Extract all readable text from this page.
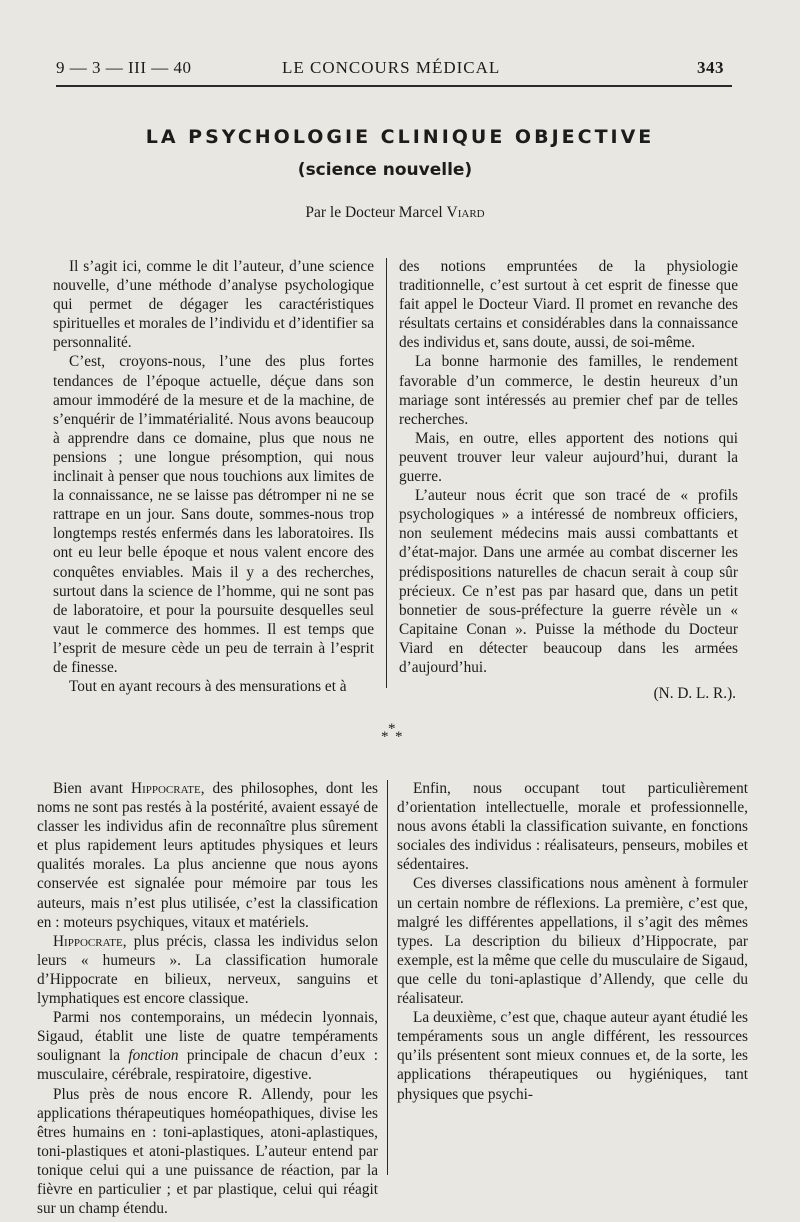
9 — 3 — III — 40	LE CONCOURS MÉDICAL	343
LA PSYCHOLOGIE CLINIQUE OBJECTIVE
(science nouvelle)
Par le Docteur Marcel Viard

Il s’agit ici, comme le dit l’auteur, d’une science nouvelle, d’une méthode d’analyse psychologique qui permet de dégager les caractéristiques spirituelles et morales de l’individu et d’identifier sa personnalité.

C’est, croyons-nous, l’une des plus fortes tendances de l’époque actuelle, déçue dans son amour immodéré de la mesure et de la machine, de s’enquérir de l’immatérialité. Nous avons beaucoup à apprendre dans ce domaine, plus que nous ne pensions ; une longue présomption, qui nous inclinait à penser que nous touchions aux limites de la connaissance, ne se laisse pas détromper ni ne se rattrape en un jour. Sans doute, sommes-nous trop longtemps restés enfermés dans les laboratoires. Ils ont eu leur belle époque et nous valent encore des conquêtes enviables. Mais il y a des recherches, surtout dans la science de l’homme, qui ne sont pas de laboratoire, et pour la poursuite desquelles seul vaut le commerce des hommes. Il est temps que l’esprit de mesure cède un peu de terrain à l’esprit de finesse.

Tout en ayant recours à des mensurations et à

des notions empruntées de la physiologie traditionnelle, c’est surtout à cet esprit de finesse que fait appel le Docteur Viard. Il promet en revanche des résultats certains et considérables dans la connaissance des individus et, sans doute, aussi, de soi-même.

La bonne harmonie des familles, le rendement favorable d’un commerce, le destin heureux d’un mariage sont intéressés au premier chef par de telles recherches.

Mais, en outre, elles apportent des notions qui peuvent trouver leur valeur aujourd’hui, durant la guerre.

L’auteur nous écrit que son tracé de « profils psychologiques » a intéressé de nombreux officiers, non seulement médecins mais aussi combattants et d’état-major. Dans une armée au combat discerner les prédispositions naturelles de chacun serait à coup sûr précieux. Ce n’est pas par hasard que, dans un petit bonnetier de sous-préfecture la guerre révèle un « Capitaine Conan ». Puisse la méthode du Docteur Viard en détecter beaucoup dans les armées d’aujourd’hui.

(N. D. L. R.).

*
* *

Bien avant Hippocrate, des philosophes, dont les noms ne sont pas restés à la postérité, avaient essayé de classer les individus afin de reconnaître plus sûrement et plus rapidement leurs aptitudes physiques et leurs qualités morales. La plus ancienne que nous ayons conservée est signalée pour mémoire par tous les auteurs, mais n’est plus utilisée, c’est la classification en : moteurs psychiques, vitaux et matériels.

Hippocrate, plus précis, classa les individus selon leurs « humeurs ». La classification humorale d’Hippocrate en bilieux, nerveux, sanguins et lymphatiques est encore classique.

Parmi nos contemporains, un médecin lyonnais, Sigaud, établit une liste de quatre tempéraments soulignant la fonction principale de chacun d’eux : musculaire, cérébrale, respiratoire, digestive.

Plus près de nous encore R. Allendy, pour les applications thérapeutiques homéopathiques, divise les êtres humains en : toni-aplastiques, atoni-aplastiques, toni-plastiques et atoni-plastiques. L’auteur entend par tonique celui qui a une puissance de réaction, par la fièvre en particulier ; et par plastique, celui qui réagit sur un champ étendu.

Enfin, nous occupant tout particulièrement d’orientation intellectuelle, morale et professionnelle, nous avons établi la classification suivante, en fonctions sociales des individus : réalisateurs, penseurs, mobiles et sédentaires.

Ces diverses classifications nous amènent à formuler un certain nombre de réflexions. La première, c’est que, malgré les différentes appellations, il s’agit des mêmes types. La description du bilieux d’Hippocrate, par exemple, est la même que celle du musculaire de Sigaud, que celle du toni-aplastique d’Allendy, que celle du réalisateur.

La deuxième, c’est que, chaque auteur ayant étudié les tempéraments sous un angle différent, les ressources qu’ils présentent sont mieux connues et, de la sorte, les applications thérapeutiques ou hygiéniques, tant physiques que psychi-
